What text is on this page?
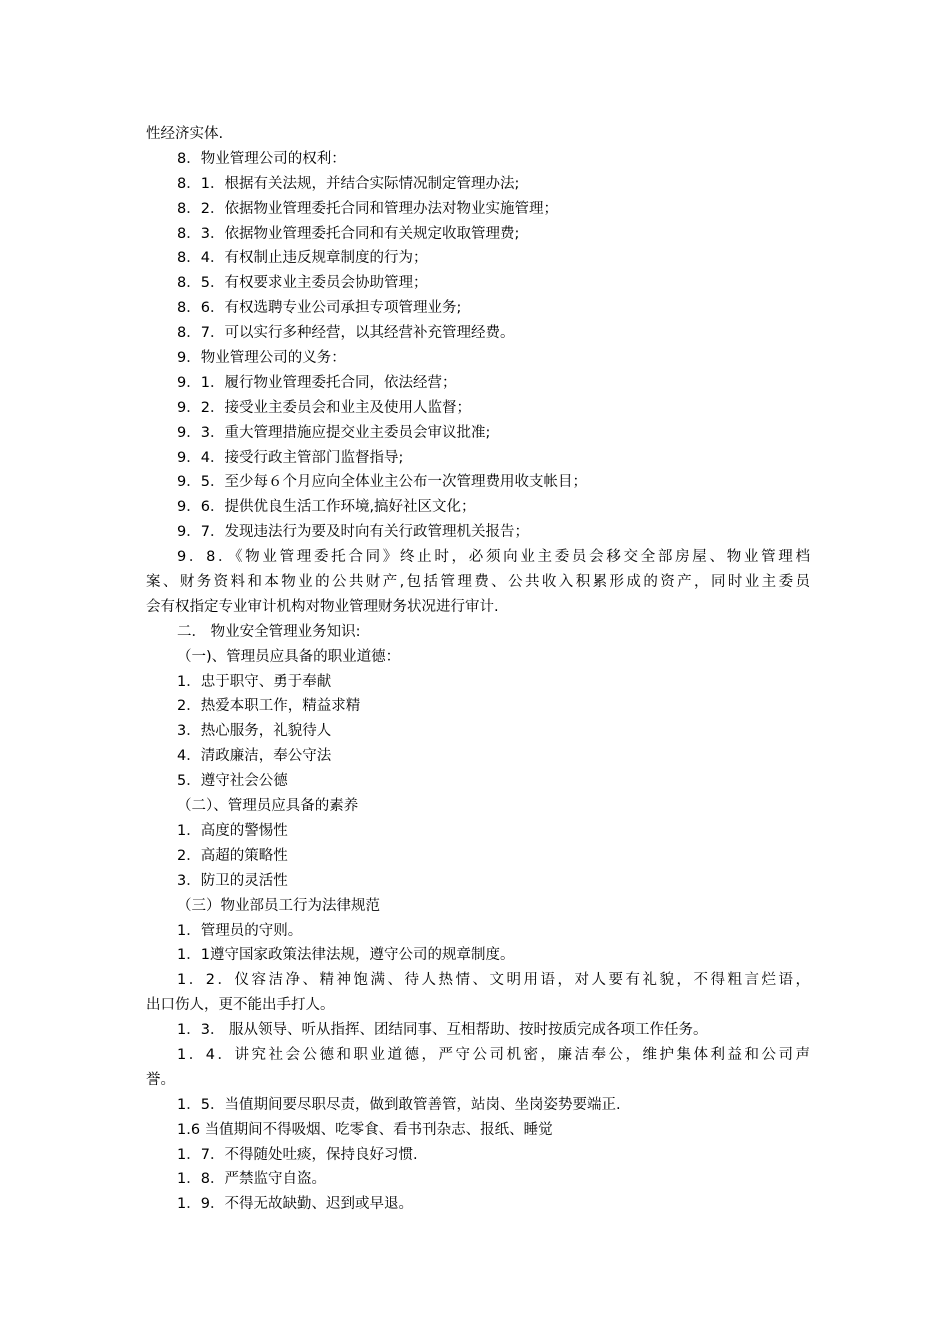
性经济实体.
8．物业管理公司的权利：
8．1．根据有关法规，并结合实际情况制定管理办法;
8．2．依据物业管理委托合同和管理办法对物业实施管理；
8．3．依据物业管理委托合同和有关规定收取管理费;
8．4．有权制止违反规章制度的行为；
8．5．有权要求业主委员会协助管理；
8．6．有权选聘专业公司承担专项管理业务;
8．7．可以实行多种经营，以其经营补充管理经费。
9．物业管理公司的义务：
9．1．履行物业管理委托合同，依法经营；
9．2．接受业主委员会和业主及使用人监督；
9．3．重大管理措施应提交业主委员会审议批准;
9．4．接受行政主管部门监督指导;
9．5．至少每６个月应向全体业主公布一次管理费用收支帐目；
9．6．提供优良生活工作环境,搞好社区文化；
9．7．发现违法行为要及时向有关行政管理机关报告；
9．8．《物业管理委托合同》终止时，必须向业主委员会移交全部房屋、物业管理档
案、财务资料和本物业的公共财产,包括管理费、公共收入积累形成的资产，同时业主委员
会有权指定专业审计机构对物业管理财务状况进行审计.
二． 物业安全管理业务知识:
（一)、管理员应具备的职业道德：
1．忠于职守、勇于奉献
2．热爱本职工作，精益求精
3．热心服务，礼貌待人
4．清政廉洁，奉公守法
5．遵守社会公德
（二）、管理员应具备的素养
1．高度的警惕性
2．高超的策略性
3．防卫的灵活性
（三）物业部员工行为法律规范
1．管理员的守则。
1．1遵守国家政策法律法规，遵守公司的规章制度。
1．2．仪容洁净、精神饱满、待人热情、文明用语，对人要有礼貌，不得粗言烂语，
出口伤人，更不能出手打人。
1．3． 服从领导、听从指挥、团结同事、互相帮助、按时按质完成各项工作任务。
1．4．讲究社会公德和职业道德，严守公司机密，廉洁奉公，维护集体利益和公司声
誉。
1．5．当值期间要尽职尽责，做到敢管善管，站岗、坐岗姿势要端正.
1.6 当值期间不得吸烟、吃零食、看书刊杂志、报纸、睡觉
1．7．不得随处吐痰，保持良好习惯.
1．8．严禁监守自盗。
1．9．不得无故缺勤、迟到或早退。
